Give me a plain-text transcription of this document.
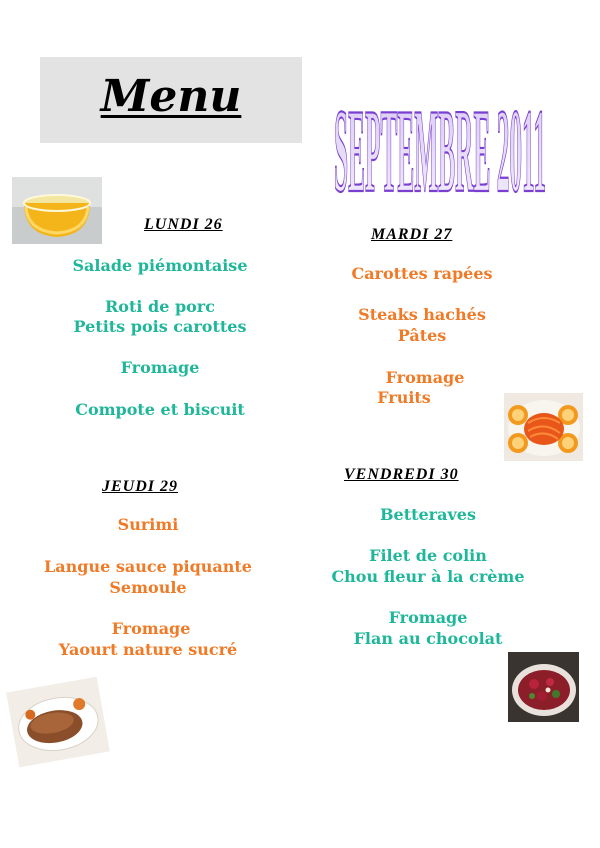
Menu SEPTEMBRE 2011
LUNDI 26
Salade piémontaise
Roti de porc
Petits pois carottes
Fromage
Compote et biscuit
MARDI 27
Carottes rapées
Steaks hachés
Pâtes
Fromage
Fruits
JEUDI 29
Surimi
Langue sauce piquante
Semoule
Fromage
Yaourt nature sucré
VENDREDI 30
Betteraves
Filet de colin
Chou fleur à la crème
Fromage
Flan au chocolat
